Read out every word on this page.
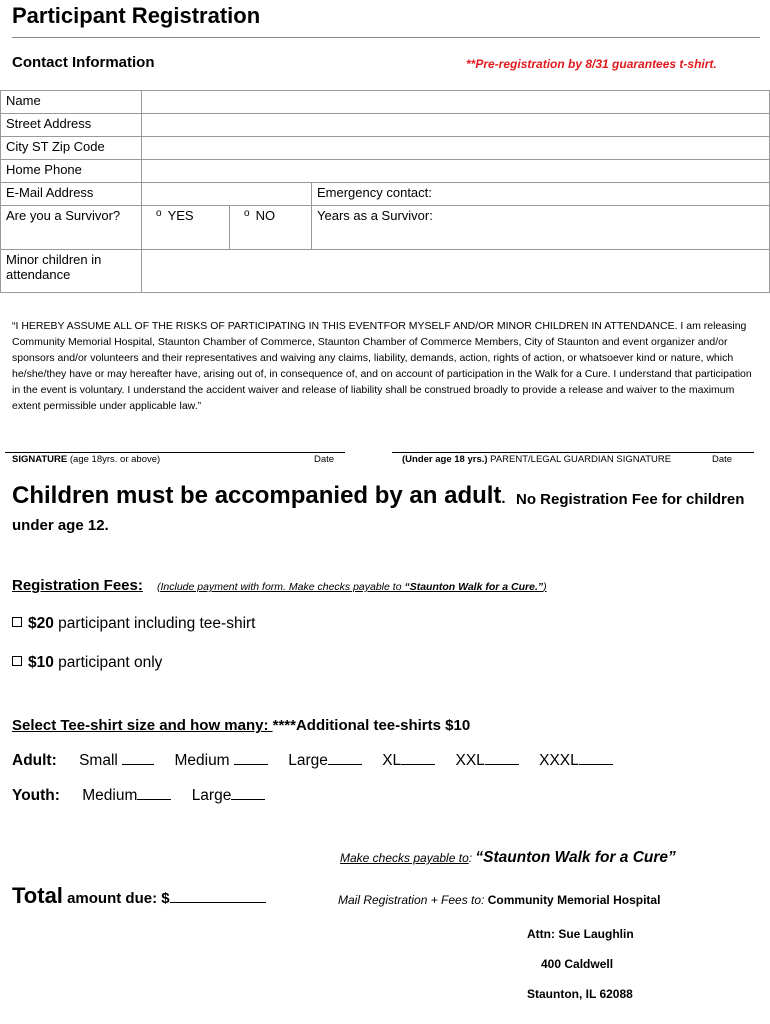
Participant Registration
Contact Information	**Pre-registration by 8/31 guarantees t-shirt.
Name			
Street Address			
City ST Zip Code			
Home Phone			
E-Mail Address			Emergency contact:
Are you a Survivor?	o YES	o NO	Years as a Survivor:
Minor children in attendance			
“I HEREBY ASSUME ALL OF THE RISKS OF PARTICIPATING IN THIS EVENTFOR MYSELF AND/OR MINOR CHILDREN IN ATTENDANCE. I am releasing Community Memorial Hospital, Staunton Chamber of Commerce, Staunton Chamber of Commerce Members, City of Staunton and event organizer and/or sponsors and/or volunteers and their representatives and waiving any claims, liability, demands, action, rights of action, or whatsoever kind or nature, which he/she/they have or may hereafter have, arising out of, in consequence of, and on account of participation in the Walk for a Cure. I understand that participation in the event is voluntary. I understand the accident waiver and release of liability shall be construed broadly to provide a release and waiver to the maximum extent permissible under applicable law.”
SIGNATURE (age 18yrs. or above)	Date	(Under age 18 yrs.) PARENT/LEGAL GUARDIAN SIGNATURE	Date
Children must be accompanied by an adult. No Registration Fee for children
under age 12.
Registration Fees: (Include payment with form. Make checks payable to “Staunton Walk for a Cure.”)
$20 participant including tee-shirt
$10 participant only
Select Tee-shirt size and how many: ****Additional tee-shirts $10
Adult: Small	Medium	Large	XL	XXL	XXXL
Youth: Medium	Large
Make checks payable to: “Staunton Walk for a Cure”
Total amount due: $	Mail Registration + Fees to: Community Memorial Hospital
Attn: Sue Laughlin
400 Caldwell
Staunton, IL 62088
